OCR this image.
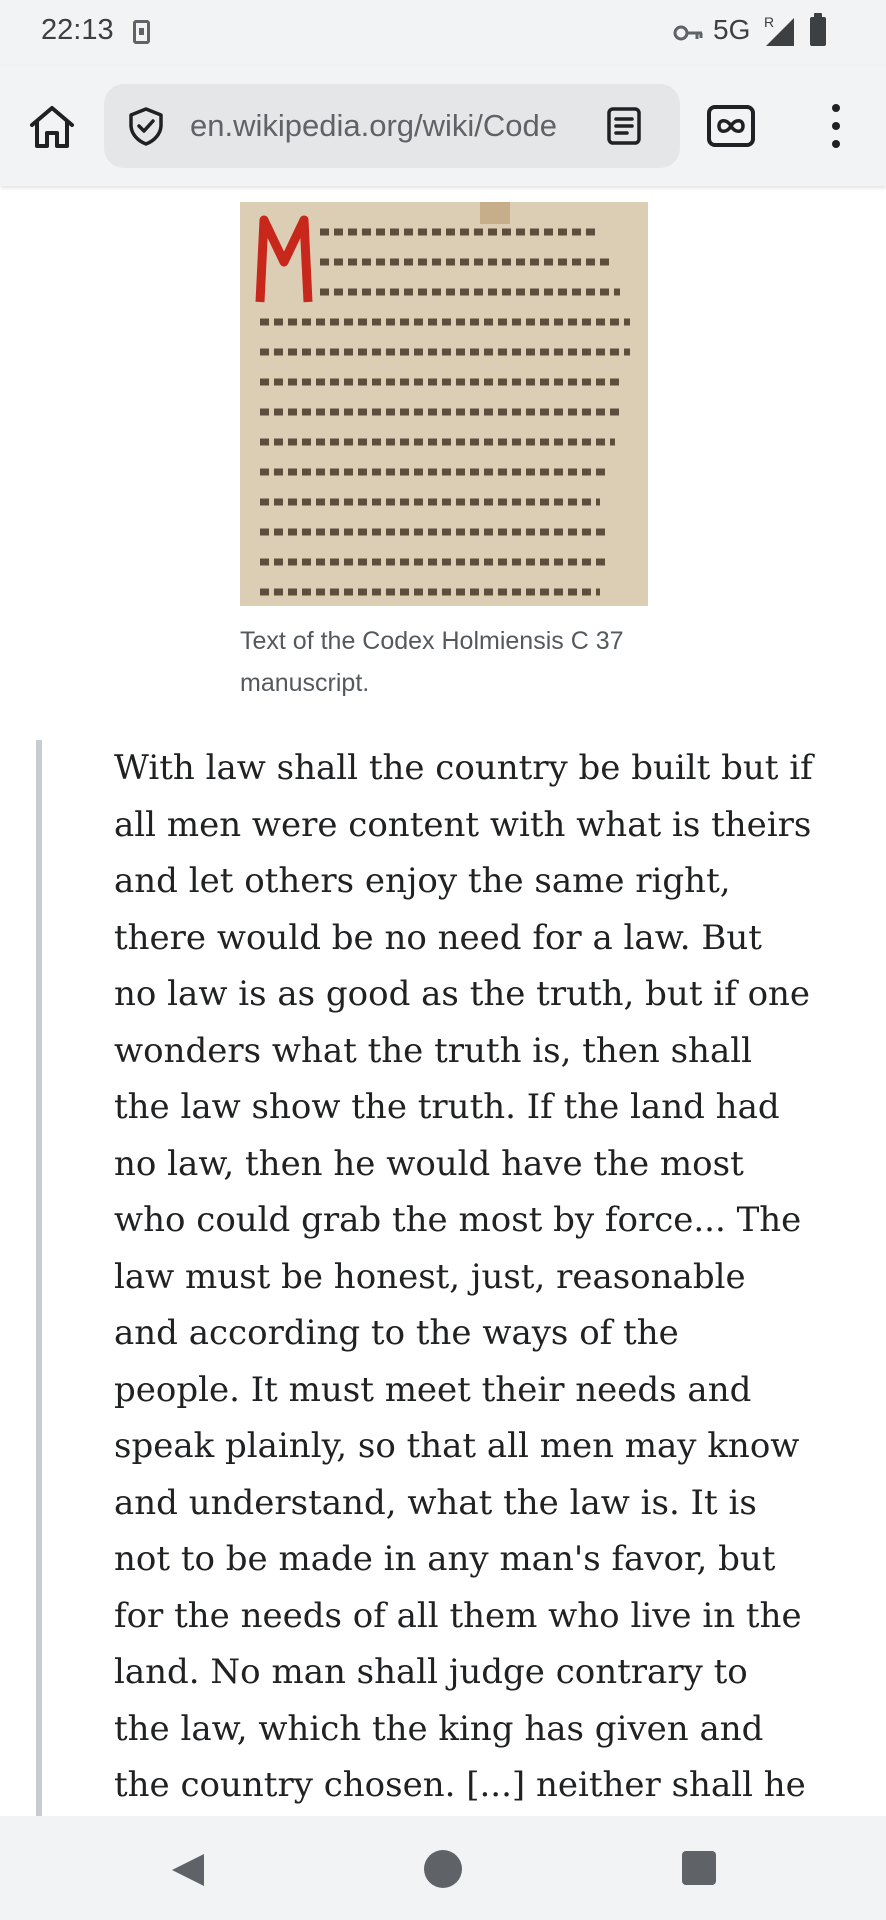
22:13	5G R
en.wikipedia.org/wiki/Code
Text of the Codex Holmiensis C 37 manuscript.
With law shall the country be built but if all men were content with what is theirs and let others enjoy the same right, there would be no need for a law. But no law is as good as the truth, but if one wonders what the truth is, then shall the law show the truth. If the land had no law, then he would have the most who could grab the most by force... The law must be honest, just, reasonable and according to the ways of the people. It must meet their needs and speak plainly, so that all men may know and understand, what the law is. It is not to be made in any man's favor, but for the needs of all them who live in the land. No man shall judge contrary to the law, which the king has given and the country chosen. [...] neither shall he
